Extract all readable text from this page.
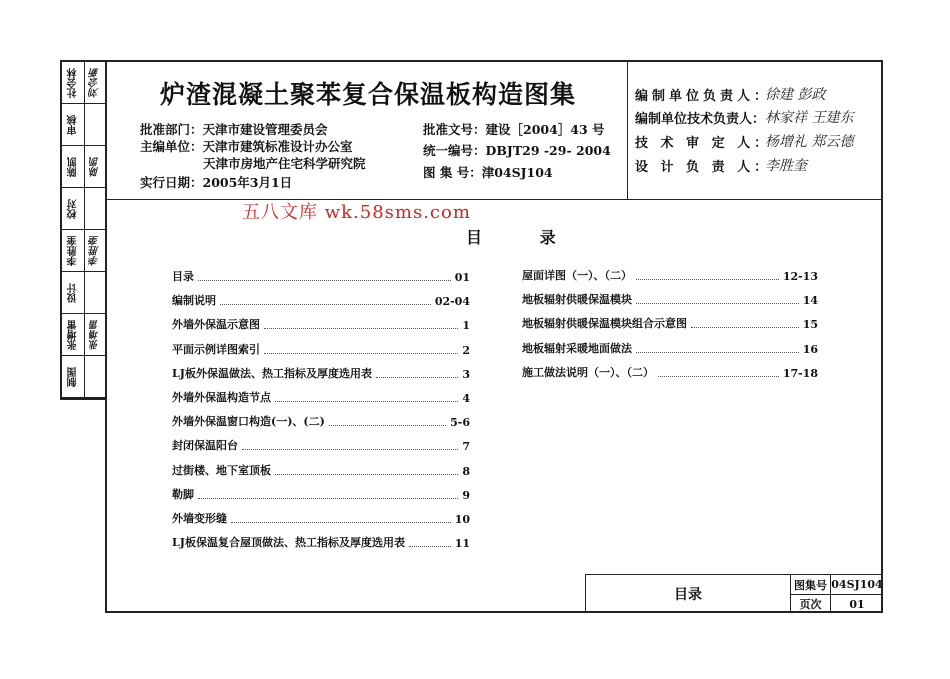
社会林 刘会新
审核
陈凯 陈凯
校对
李胜奎 李胜奎
设计
张增雷 张增雷
制图
炉渣混凝土聚苯复合保温板构造图集
批准部门：天津市建设管理委员会
主编单位：天津市建筑标准设计办公室
天津市房地产住宅科学研究院
实行日期：2005年3月1日
批准文号：建设［2004］43 号
统一编号：DBJT29 -29- 2004
图 集 号：津04SJ104
编制单位负责人：
徐建 彭政
编制单位技术负责人： 林家祥 王建东
技 术 审 定 人：
杨增礼 郑云德
设 计 负 责 人：
李胜奎
五八文库 wk.58sms.com
目 录
目录	01
编制说明	02-04
外墙外保温示意图	1
平面示例详图索引	2
LJ板外保温做法、热工指标及厚度选用表	3
外墙外保温构造节点	4
外墙外保温窗口构造(一)、(二)	5-6
封闭保温阳台	7
过街楼、地下室顶板	8
勒脚	9
外墙变形缝	10
LJ板保温复合屋顶做法、热工指标及厚度选用表	11
屋面详图（一）、（二）	12-13
地板辐射供暖保温模块	14
地板辐射供暖保温模块组合示意图	15
地板辐射采暖地面做法	16
施工做法说明（一）、（二）	17-18
目录
图集号 04SJ104
页次	01
